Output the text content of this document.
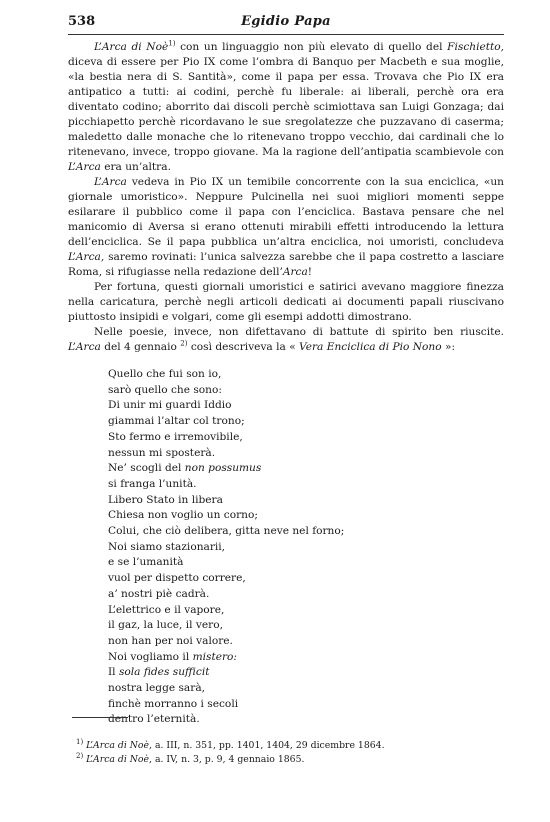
538	Egidio Papa

L’Arca di Noè$^{1)}$ con un linguaggio non più elevato di quello del Fischietto, diceva di essere per Pio IX come l’ombra di Banquo per Macbeth e sua moglie, «la bestia nera di S. Santità», come il papa per essa. Trovava che Pio IX era antipatico a tutti: ai codini, perchè fu liberale: ai liberali, perchè ora era diventato codino; aborrito dai discoli perchè scimiottava san Luigi Gonzaga; dai picchiapetto perchè ricordavano le sue sregolatezze che puzzavano di caserma; maledetto dalle monache che lo ritenevano troppo vecchio, dai cardinali che lo ritenevano, invece, troppo giovane. Ma la ragione dell’antipatia scambievole con L’Arca era un’altra.

L’Arca vedeva in Pio IX un temibile concorrente con la sua enciclica, «un giornale umoristico». Neppure Pulcinella nei suoi migliori momenti seppe esilarare il pubblico come il papa con l’enciclica. Bastava pensare che nel manicomio di Aversa si erano ottenuti mirabili effetti introducendo la lettura dell’enciclica. Se il papa pubblica un’altra enciclica, noi umoristi, concludeva L’Arca, saremo rovinati: l’unica salvezza sarebbe che il papa costretto a lasciare Roma, si rifugiasse nella redazione dell’Arca!

Per fortuna, questi giornali umoristici e satirici avevano maggiore finezza nella caricatura, perchè negli articoli dedicati ai documenti papali riuscivano piuttosto insipidi e volgari, come gli esempi addotti dimostrano.

Nelle poesie, invece, non difettavano di battute di spirito ben riuscite. L’Arca del 4 gennaio $^{2)}$ così descriveva la « Vera Enciclica di Pio Nono »:

Quello che fui son io,
sarò quello che sono:
Di unir mi guardi Iddio
giammai l’altar col trono;
Sto fermo e irremovibile,
nessun mi sposterà.
Ne’ scogli del non possumus
si franga l’unità.
Libero Stato in libera
Chiesa non voglio un corno;
Colui, che ciò delibera, gitta neve nel forno;
Noi siamo stazionarii,
e se l’umanità
vuol per dispetto correre,
a’ nostri piè cadrà.
L’elettrico e il vapore,
il gaz, la luce, il vero,
non han per noi valore.
Noi vogliamo il mistero:
Il sola fides sufficit
nostra legge sarà,
finchè morranno i secoli
dentro l’eternità.
$^{1)}$ L’Arca di Noè, a. III, n. 351, pp. 1401, 1404, 29 dicembre 1864.
$^{2)}$ L’Arca di Noè, a. IV, n. 3, p. 9, 4 gennaio 1865.
